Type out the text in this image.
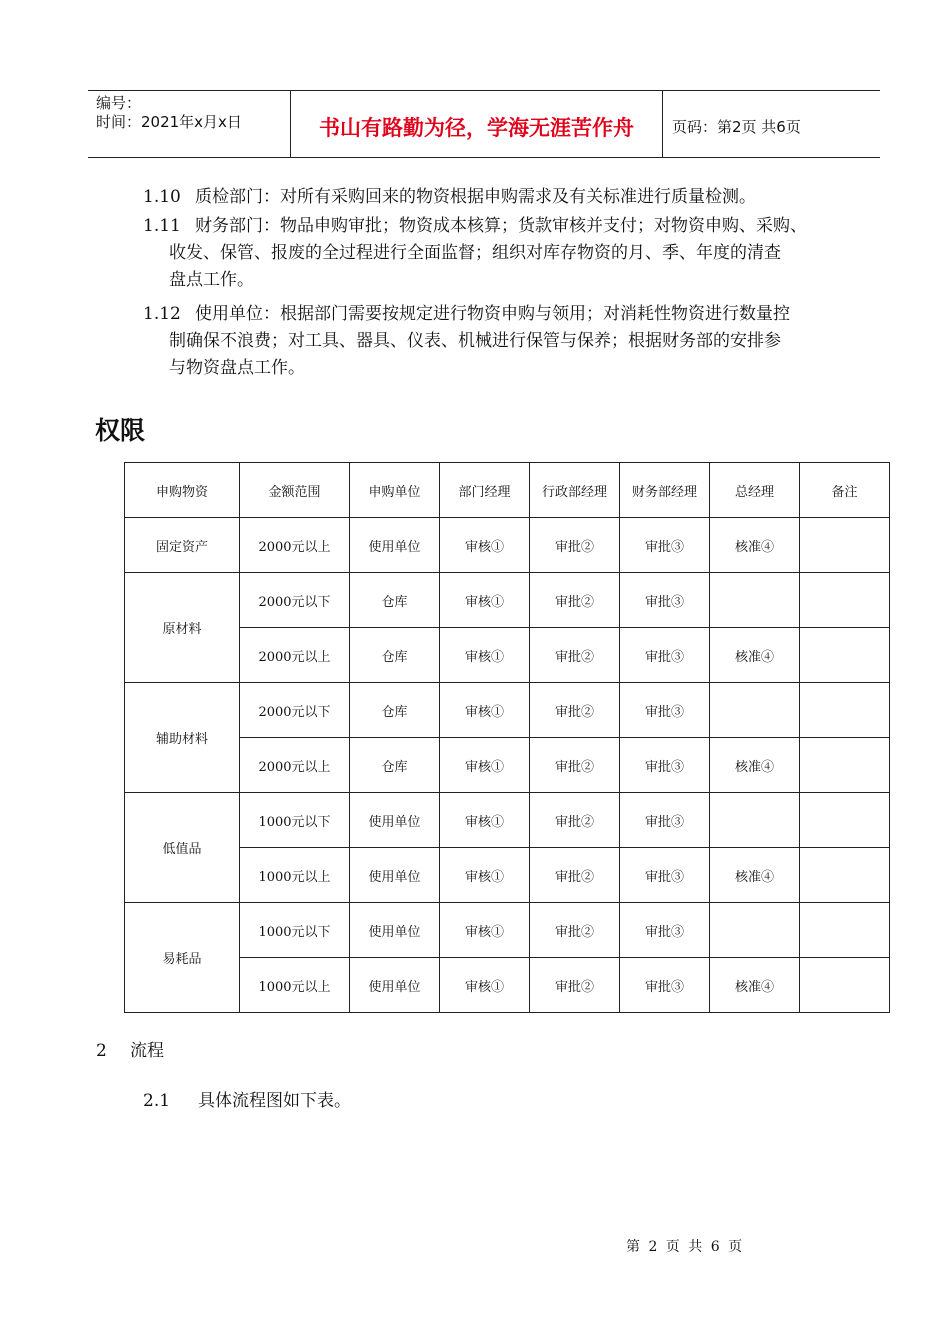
编号：
时间：2021年x月x日	书山有路勤为径，学海无涯苦作舟	页码：第2页 共6页
1.10 质检部门：对所有采购回来的物资根据申购需求及有关标准进行质量检测。
1.11 财务部门：物品申购审批；物资成本核算；货款审核并支付；对物资申购、采购、
收发、保管、报废的全过程进行全面监督；组织对库存物资的月、季、年度的清查
盘点工作。
1.12 使用单位：根据部门需要按规定进行物资申购与领用；对消耗性物资进行数量控
制确保不浪费；对工具、器具、仪表、机械进行保管与保养；根据财务部的安排参
与物资盘点工作。
权限
申购物资	金额范围	申购单位	部门经理	行政部经理	财务部经理	总经理	备注
固定资产	2000元以上	使用单位	审核①	审批②	审批③	核准④	
原材料	2000元以下	仓库	审核①	审批②	审批③		
	2000元以上	仓库	审核①	审批②	审批③	核准④	
辅助材料	2000元以下	仓库	审核①	审批②	审批③		
	2000元以上	仓库	审核①	审批②	审批③	核准④	
低值品	1000元以下	使用单位	审核①	审批②	审批③		
	1000元以上	使用单位	审核①	审批②	审批③	核准④	
易耗品	1000元以下	使用单位	审核①	审批②	审批③		
	1000元以上	使用单位	审核①	审批②	审批③	核准④	
2 流程
2.1 具体流程图如下表。
第 2 页 共 6 页
